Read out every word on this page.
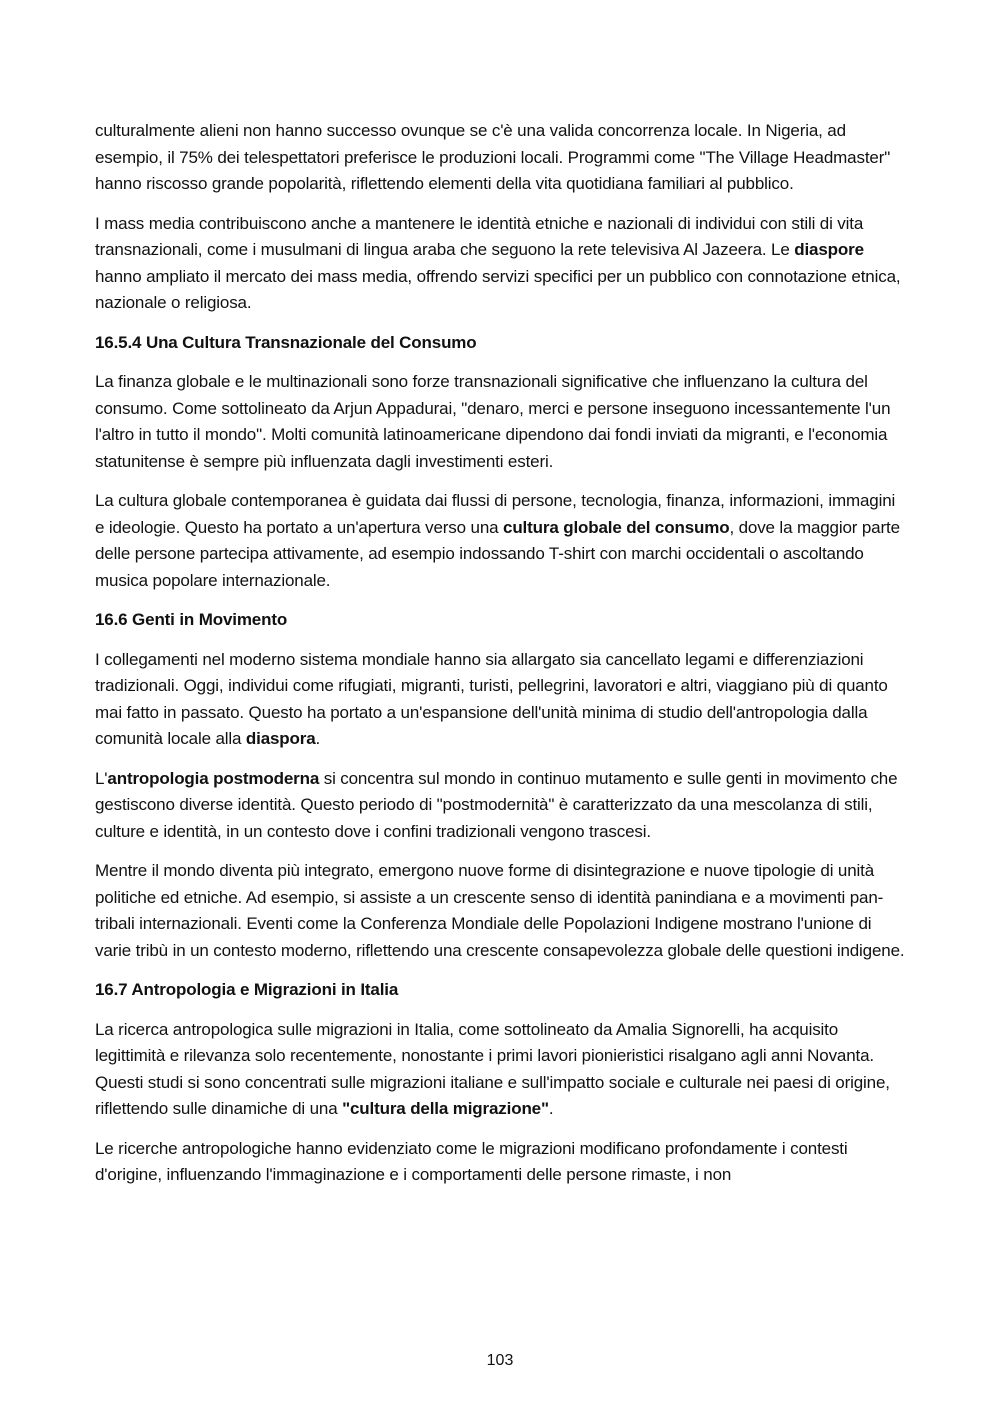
culturalmente alieni non hanno successo ovunque se c'è una valida concorrenza locale. In Nigeria, ad esempio, il 75% dei telespettatori preferisce le produzioni locali. Programmi come "The Village Headmaster" hanno riscosso grande popolarità, riflettendo elementi della vita quotidiana familiari al pubblico.

I mass media contribuiscono anche a mantenere le identità etniche e nazionali di individui con stili di vita transnazionali, come i musulmani di lingua araba che seguono la rete televisiva Al Jazeera. Le diaspore hanno ampliato il mercato dei mass media, offrendo servizi specifici per un pubblico con connotazione etnica, nazionale o religiosa.

16.5.4 Una Cultura Transnazionale del Consumo

La finanza globale e le multinazionali sono forze transnazionali significative che influenzano la cultura del consumo. Come sottolineato da Arjun Appadurai, "denaro, merci e persone inseguono incessantemente l'un l'altro in tutto il mondo". Molti comunità latinoamericane dipendono dai fondi inviati da migranti, e l'economia statunitense è sempre più influenzata dagli investimenti esteri.

La cultura globale contemporanea è guidata dai flussi di persone, tecnologia, finanza, informazioni, immagini e ideologie. Questo ha portato a un'apertura verso una cultura globale del consumo, dove la maggior parte delle persone partecipa attivamente, ad esempio indossando T-shirt con marchi occidentali o ascoltando musica popolare internazionale.

16.6 Genti in Movimento

I collegamenti nel moderno sistema mondiale hanno sia allargato sia cancellato legami e differenziazioni tradizionali. Oggi, individui come rifugiati, migranti, turisti, pellegrini, lavoratori e altri, viaggiano più di quanto mai fatto in passato. Questo ha portato a un'espansione dell'unità minima di studio dell'antropologia dalla comunità locale alla diaspora.

L'antropologia postmoderna si concentra sul mondo in continuo mutamento e sulle genti in movimento che gestiscono diverse identità. Questo periodo di "postmodernità" è caratterizzato da una mescolanza di stili, culture e identità, in un contesto dove i confini tradizionali vengono trascesi.

Mentre il mondo diventa più integrato, emergono nuove forme di disintegrazione e nuove tipologie di unità politiche ed etniche. Ad esempio, si assiste a un crescente senso di identità panindiana e a movimenti pan-tribali internazionali. Eventi come la Conferenza Mondiale delle Popolazioni Indigene mostrano l'unione di varie tribù in un contesto moderno, riflettendo una crescente consapevolezza globale delle questioni indigene.

16.7 Antropologia e Migrazioni in Italia

La ricerca antropologica sulle migrazioni in Italia, come sottolineato da Amalia Signorelli, ha acquisito legittimità e rilevanza solo recentemente, nonostante i primi lavori pionieristici risalgano agli anni Novanta. Questi studi si sono concentrati sulle migrazioni italiane e sull'impatto sociale e culturale nei paesi di origine, riflettendo sulle dinamiche di una "cultura della migrazione".

Le ricerche antropologiche hanno evidenziato come le migrazioni modificano profondamente i contesti d'origine, influenzando l'immaginazione e i comportamenti delle persone rimaste, i non

103
